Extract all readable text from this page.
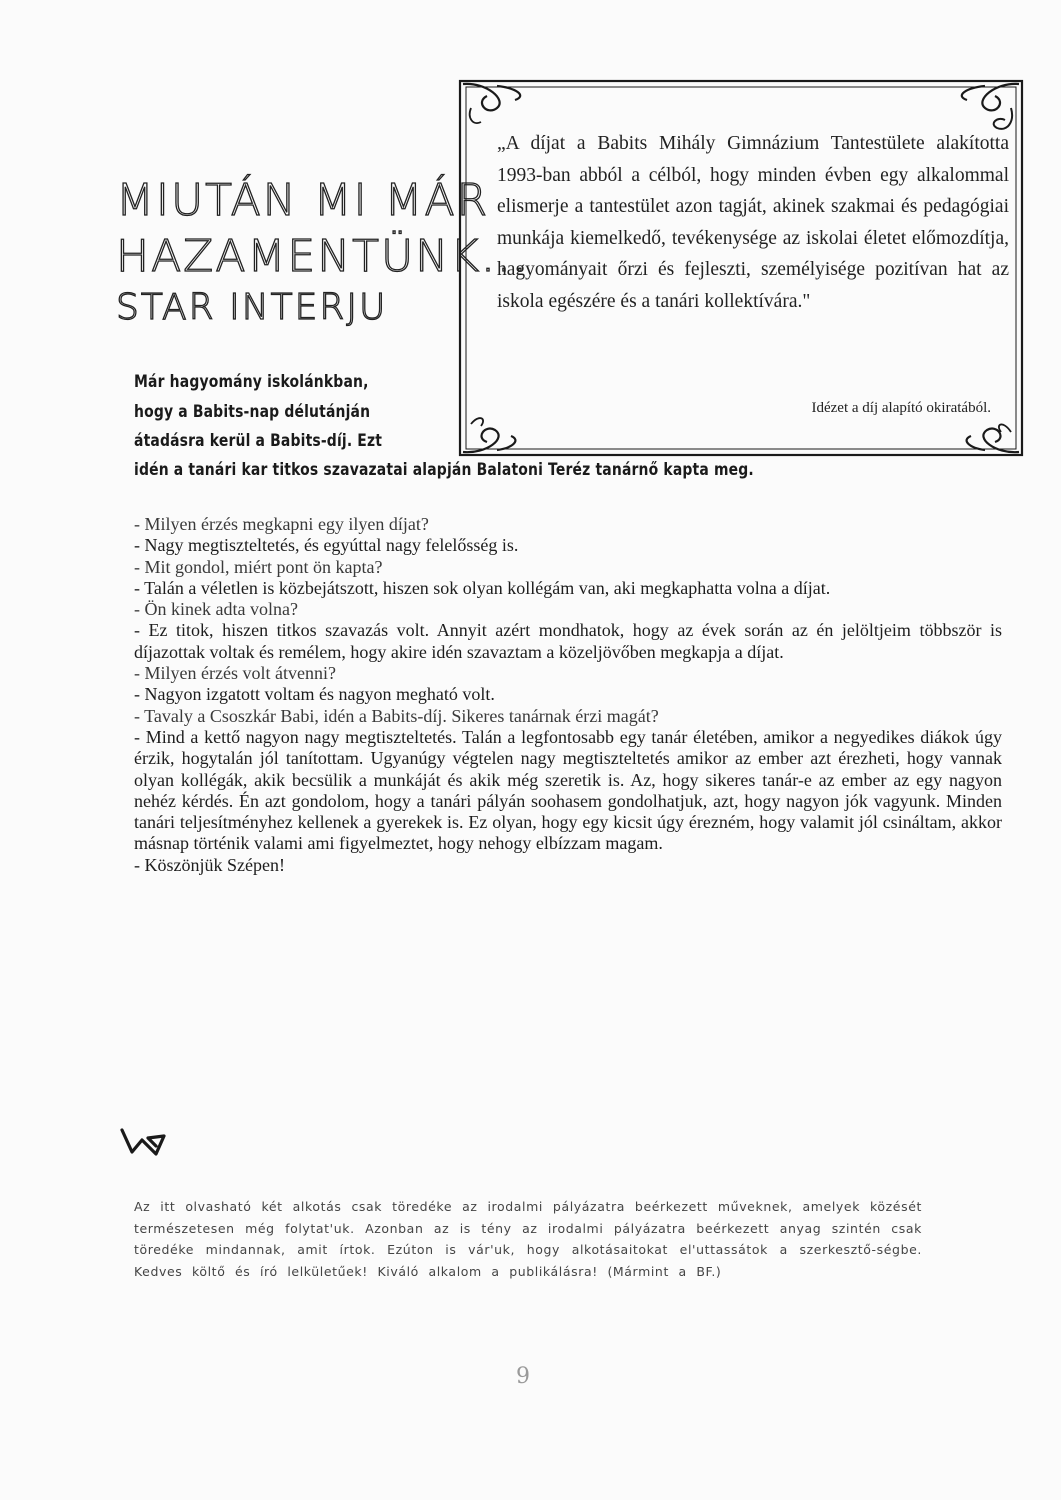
MIUTÁN MI MÁR
HAZAMENTÜNK...
STAR INTERJU
Már hagyomány iskolánkban,
hogy a Babits-nap délutánján
átadásra kerül a Babits-díj. Ezt
idén a tanári kar titkos szavazatai alapján Balatoni Teréz tanárnő kapta meg.
„A díjat a Babits Mihály Gimnázium Tantestülete alakította 1993-ban abból a célból, hogy minden évben egy alkalommal elismerje a tantestület azon tagját, akinek szakmai és pedagógiai munkája kiemelkedő, tevékenysége az iskolai életet előmozdítja, hagyományait őrzi és fejleszti, személyisége pozitívan hat az iskola egészére és a tanári kollektívára."
Idézet a díj alapító okiratából.

- Milyen érzés megkapni egy ilyen díjat?

- Nagy megtiszteltetés, és egyúttal nagy felelősség is.

- Mit gondol, miért pont ön kapta?

- Talán a véletlen is közbejátszott, hiszen sok olyan kollégám van, aki megkaphatta volna a díjat.

- Ön kinek adta volna?

- Ez titok, hiszen titkos szavazás volt. Annyit azért mondhatok, hogy az évek során az én jelöltjeim többször is díjazottak voltak és remélem, hogy akire idén szavaztam a közeljövőben megkapja a díjat.

- Milyen érzés volt átvenni?

- Nagyon izgatott voltam és nagyon megható volt.

- Tavaly a Csoszkár Babi, idén a Babits-díj. Sikeres tanárnak érzi magát?

- Mind a kettő nagyon nagy megtiszteltetés. Talán a legfontosabb egy tanár életében, amikor a negyedikes diákok úgy érzik, hogytalán jól tanítottam. Ugyanúgy végtelen nagy megtiszteltetés amikor az ember azt érezheti, hogy vannak olyan kollégák, akik becsülik a munkáját és akik még szeretik is. Az, hogy sikeres tanár-e az ember az egy nagyon nehéz kérdés. Én azt gondolom, hogy a tanári pályán soohasem gondolhatjuk, azt, hogy nagyon jók vagyunk. Minden tanári teljesítményhez kellenek a gyerekek is. Ez olyan, hogy egy kicsit úgy érezném, hogy valamit jól csináltam, akkor másnap történik valami ami figyelmeztet, hogy nehogy elbízzam magam.

- Köszönjük Szépen!

Az itt olvasható két alkotás csak töredéke az irodalmi pályázatra beérkezett műveknek, amelyek közését természetesen még folytat'uk. Azonban az is tény az irodalmi pályázatra beérkezett anyag szintén csak töredéke mindannak, amit írtok. Ezúton is vár'uk, hogy alkotásaitokat el'uttassátok a szerkesztő-ségbe. Kedves költő és író lelkületűek! Kiváló alkalom a publikálásra! (Mármint a BF.)
9
